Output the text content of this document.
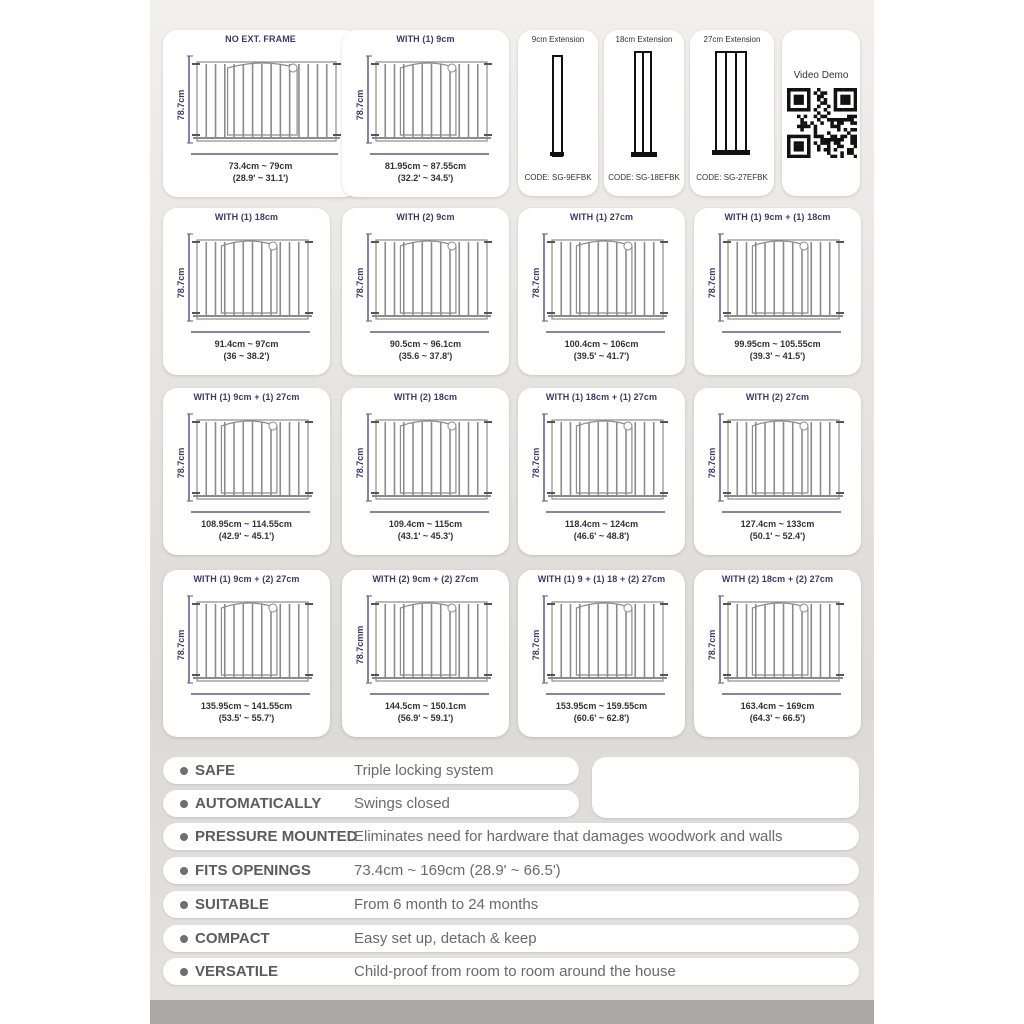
NO EXT. FRAME
78.7cm
73.4cm ~ 79cm
(28.9' ~ 31.1')
WITH (1) 9cm
78.7cm
81.95cm ~ 87.55cm
(32.2' ~ 34.5')
WITH (1) 18cm
78.7cm
91.4cm ~ 97cm
(36 ~ 38.2')
WITH (2) 9cm
78.7cm
90.5cm ~ 96.1cm
(35.6 ~ 37.8')
WITH (1) 27cm
78.7cm
100.4cm ~ 106cm
(39.5' ~ 41.7')
WITH (1) 9cm + (1) 18cm
78.7cm
99.95cm ~ 105.55cm
(39.3' ~ 41.5')
WITH (1) 9cm + (1) 27cm
78.7cm
108.95cm ~ 114.55cm
(42.9' ~ 45.1')
WITH (2) 18cm
78.7cm
109.4cm ~ 115cm
(43.1' ~ 45.3')
WITH (1) 18cm + (1) 27cm
78.7cm
118.4cm ~ 124cm
(46.6' ~ 48.8')
WITH (2) 27cm
78.7cm
127.4cm ~ 133cm
(50.1' ~ 52.4')
WITH (1) 9cm + (2) 27cm
78.7cm
135.95cm ~ 141.55cm
(53.5' ~ 55.7')
WITH (2) 9cm + (2) 27cm
78.7cmm
144.5cm ~ 150.1cm
(56.9' ~ 59.1')
WITH (1) 9 + (1) 18 + (2) 27cm
78.7cm
153.95cm ~ 159.55cm
(60.6' ~ 62.8')
WITH (2) 18cm + (2) 27cm
78.7cm
163.4cm ~ 169cm
(64.3' ~ 66.5')
9cm Extension
CODE: SG-9EFBK
18cm Extension
CODE: SG-18EFBK
27cm Extension
CODE: SG-27EFBK
Video Demo
SAFE	Triple locking system
AUTOMATICALLY Swings closed
PRESSURE MOUNTED
Eliminates need for hardware that damages woodwork and walls
FITS OPENINGS	73.4cm ~ 169cm (28.9' ~ 66.5')
SUITABLE	From 6 month to 24 months
COMPACT	Easy set up, detach & keep
VERSATILE	Child-proof from room to room around the house
